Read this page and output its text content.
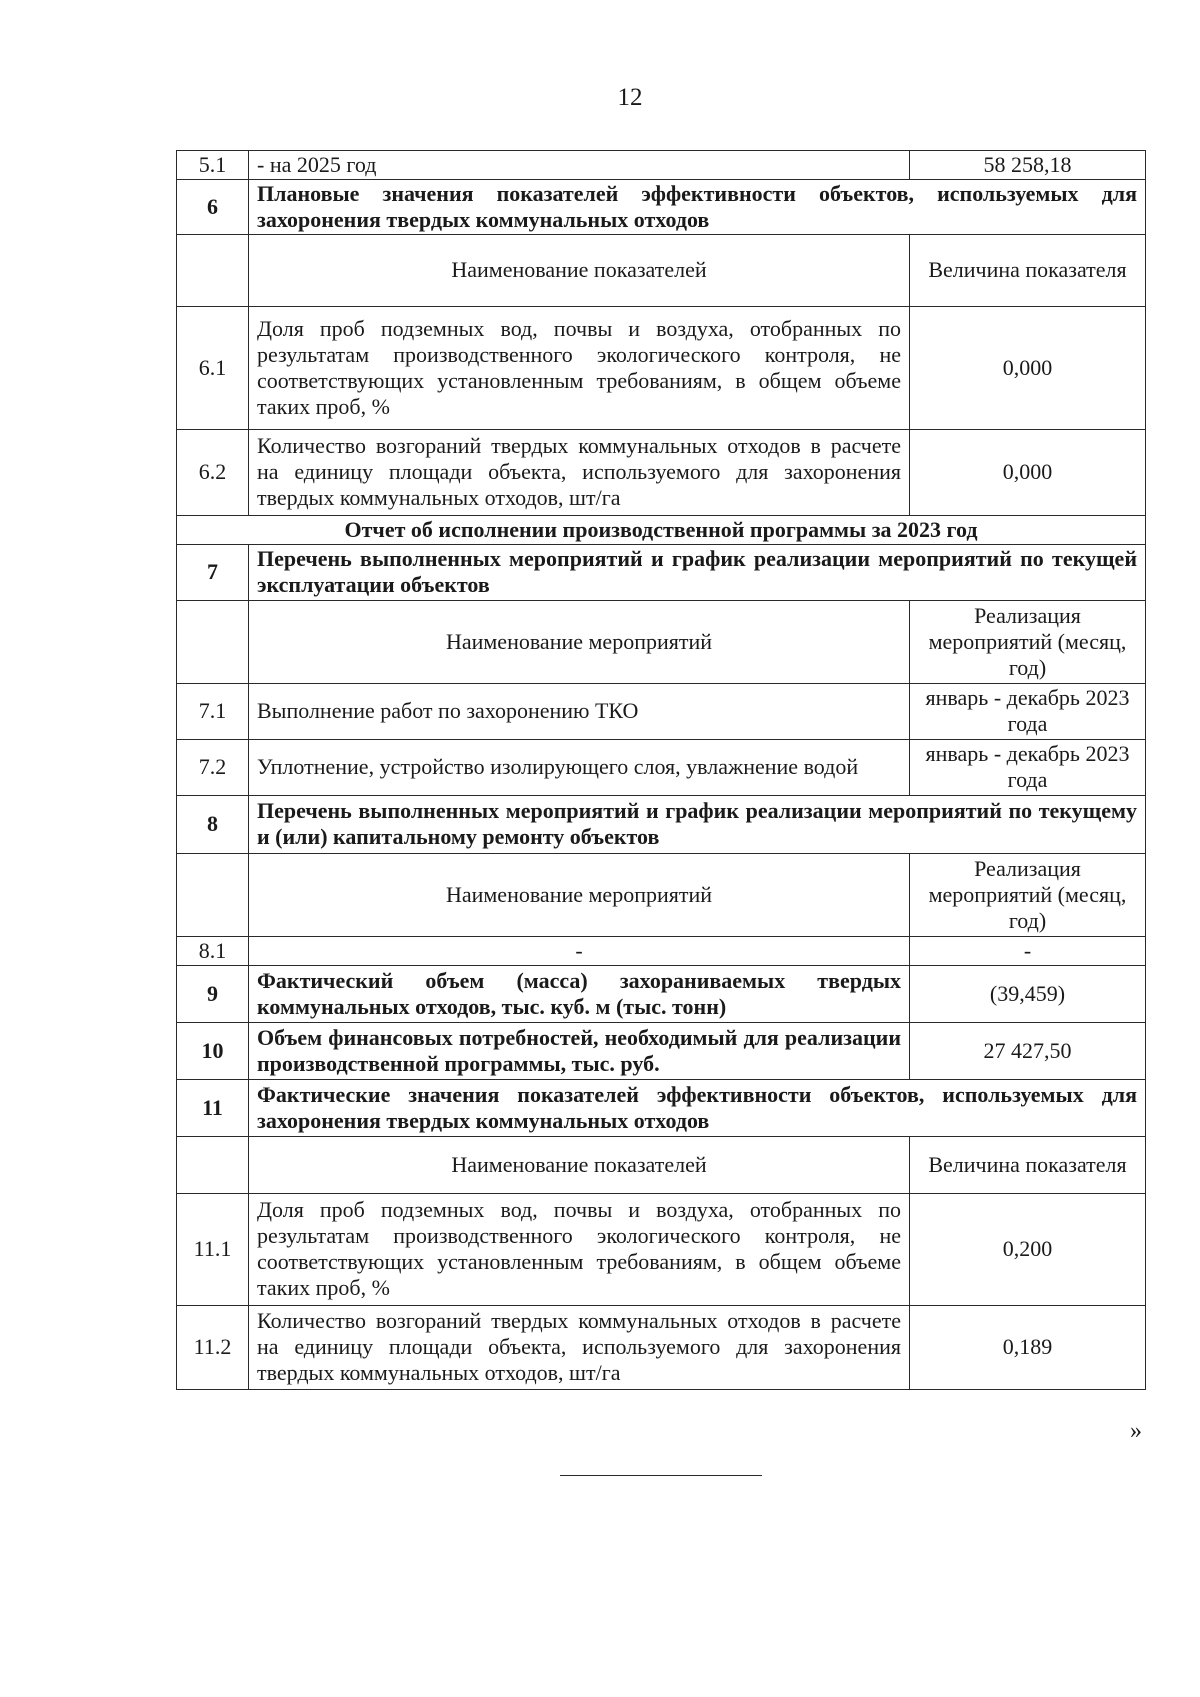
12
5.1	- на 2025 год	58 258,18
6	Плановые значения показателей эффективности объектов, используемых для захоронения твердых коммунальных отходов	
	Наименование показателей	Величина показателя
6.1	Доля проб подземных вод, почвы и воздуха, отобранных по результатам производственного экологического контроля, не соответствующих установленным требованиям, в общем объеме таких проб, %	0,000
6.2	Количество возгораний твердых коммунальных отходов в расчете на единицу площади объекта, используемого для захоронения твердых коммунальных отходов, шт/га	0,000
Отчет об исполнении производственной программы за 2023 год		
7	Перечень выполненных мероприятий и график реализации мероприятий по текущей эксплуатации объектов	
	Наименование мероприятий	Реализация мероприятий (месяц, год)
7.1	Выполнение работ по захоронению ТКО	январь - декабрь 2023 года
7.2	Уплотнение, устройство изолирующего слоя, увлажнение водой	январь - декабрь 2023 года
8	Перечень выполненных мероприятий и график реализации мероприятий по текущему и (или) капитальному ремонту объектов	
	Наименование мероприятий	Реализация мероприятий (месяц, год)
8.1	-	-
9	Фактический объем (масса) захораниваемых твердых коммунальных отходов, тыс. куб. м (тыс. тонн)	(39,459)
10	Объем финансовых потребностей, необходимый для реализации производственной программы, тыс. руб.	27 427,50
11	Фактические значения показателей эффективности объектов, используемых для захоронения твердых коммунальных отходов	
	Наименование показателей	Величина показателя
11.1	Доля проб подземных вод, почвы и воздуха, отобранных по результатам производственного экологического контроля, не соответствующих установленным требованиям, в общем объеме таких проб, %	0,200
11.2	Количество возгораний твердых коммунальных отходов в расчете на единицу площади объекта, используемого для захоронения твердых коммунальных отходов, шт/га	0,189
»
